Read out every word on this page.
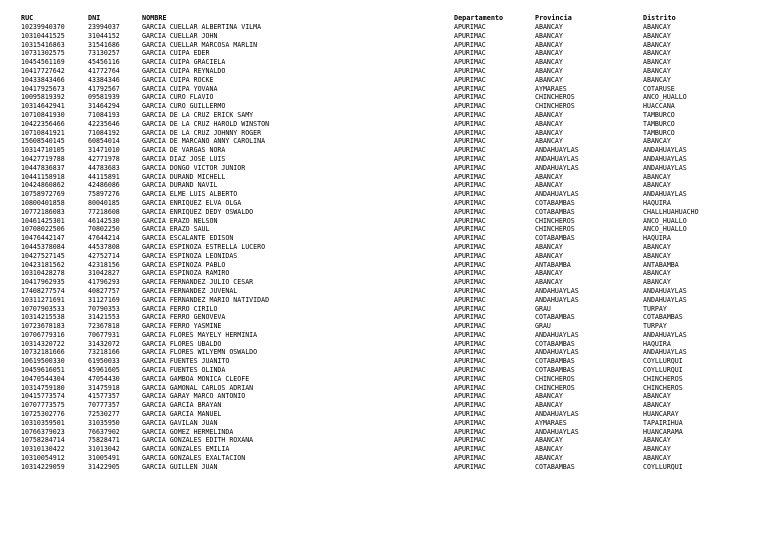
RUC	DNI	NOMBRE	Departamento	Provincia	Distrito
10239940370	23994037	GARCIA CUELLAR ALBERTINA VILMA	APURIMAC	ABANCAY	ABANCAY
10310441525	31044152	GARCIA CUELLAR JOHN	APURIMAC	ABANCAY	ABANCAY
10315416863	31541686	GARCIA CUELLAR MARCOSA MARLIN	APURIMAC	ABANCAY	ABANCAY
10731302575	73130257	GARCIA CUIPA EDER	APURIMAC	ABANCAY	ABANCAY
10454561169	45456116	GARCIA CUIPA GRACIELA	APURIMAC	ABANCAY	ABANCAY
10417727642	41772764	GARCIA CUIPA REYNALDO	APURIMAC	ABANCAY	ABANCAY
10433843466	43384346	GARCIA CUIPA ROCKE	APURIMAC	ABANCAY	ABANCAY
10417925673	41792567	GARCIA CUIPA YOVANA	APURIMAC	AYMARAES	COTARUSE
10095819392	09581939	GARCIA CURO FLAVIO	APURIMAC	CHINCHEROS	ANCO_HUALLO
10314642941	31464294	GARCIA CURO GUILLERMO	APURIMAC	CHINCHEROS	HUACCANA
10710841930	71084193	GARCIA DE LA CRUZ ERICK SAMY	APURIMAC	ABANCAY	TAMBURCO
10422356466	42235646	GARCIA DE LA CRUZ HAROLD WINSTON	APURIMAC	ABANCAY	TAMBURCO
10710841921	71084192	GARCIA DE LA CRUZ JOHNNY ROGER	APURIMAC	ABANCAY	TAMBURCO
15608540145	60854014	GARCIA DE MARCANO ANNY CAROLINA	APURIMAC	ABANCAY	ABANCAY
10314710105	31471010	GARCIA DE VARGAS NORA	APURIMAC	ANDAHUAYLAS	ANDAHUAYLAS
10427719788	42771978	GARCIA DIAZ JOSE LUIS	APURIMAC	ANDAHUAYLAS	ANDAHUAYLAS
10447836837	44783683	GARCIA DONGO VICTOR JUNIOR	APURIMAC	ANDAHUAYLAS	ANDAHUAYLAS
10441158918	44115891	GARCIA DURAND MICHELL	APURIMAC	ABANCAY	ABANCAY
10424860862	42486086	GARCIA DURAND NAVIL	APURIMAC	ABANCAY	ABANCAY
10758972769	75897276	GARCIA ELME LUIS ALBERTO	APURIMAC	ANDAHUAYLAS	ANDAHUAYLAS
10800401858	80040185	GARCIA ENRIQUEZ ELVA OLGA	APURIMAC	COTABAMBAS	HAQUIRA
10772186083	77218608	GARCIA ENRIQUEZ DEDY OSWALDO	APURIMAC	COTABAMBAS	CHALLHUAHUACHO
10461425301	46142530	GARCIA ERAZO NELSON	APURIMAC	CHINCHEROS	ANCO_HUALLO
10708022506	70802250	GARCIA ERAZO SAUL	APURIMAC	CHINCHEROS	ANCO_HUALLO
10476442147	47644214	GARCIA ESCALANTE EDISON	APURIMAC	COTABAMBAS	HAQUIRA
10445378084	44537808	GARCIA ESPINOZA ESTRELLA LUCERO	APURIMAC	ABANCAY	ABANCAY
10427527145	42752714	GARCIA ESPINOZA LEONIDAS	APURIMAC	ABANCAY	ABANCAY
10423181562	42318156	GARCIA ESPINOZA PABLO	APURIMAC	ANTABAMBA	ANTABAMBA
10310428278	31042827	GARCIA ESPINOZA RAMIRO	APURIMAC	ABANCAY	ABANCAY
10417962935	41796293	GARCIA FERNANDEZ JULIO CESAR	APURIMAC	ABANCAY	ABANCAY
17408277574	40827757	GARCIA FERNANDEZ JUVENAL	APURIMAC	ANDAHUAYLAS	ANDAHUAYLAS
10311271691	31127169	GARCIA FERNANDEZ MARIO NATIVIDAD	APURIMAC	ANDAHUAYLAS	ANDAHUAYLAS
10707903533	70790353	GARCIA FERRO CIRILO	APURIMAC	GRAU	TURPAY
10314215538	31421553	GARCIA FERRO GENOVEVA	APURIMAC	COTABAMBAS	COTABAMBAS
10723678183	72367818	GARCIA FERRO YASMINE	APURIMAC	GRAU	TURPAY
10706779316	70677931	GARCIA FLORES MAYELY HERMINIA	APURIMAC	ANDAHUAYLAS	ANDAHUAYLAS
10314320722	31432072	GARCIA FLORES UBALDO	APURIMAC	COTABAMBAS	HAQUIRA
10732181666	73218166	GARCIA FLORES WILYEMN OSWALDO	APURIMAC	ANDAHUAYLAS	ANDAHUAYLAS
10619500330	61950033	GARCIA FUENTES JUANITO	APURIMAC	COTABAMBAS	COYLLURQUI
10459616051	45961605	GARCIA FUENTES OLINDA	APURIMAC	COTABAMBAS	COYLLURQUI
10470544304	47054430	GARCIA GAMBOA MONICA CLEOFE	APURIMAC	CHINCHEROS	CHINCHEROS
10314759180	31475918	GARCIA GAMONAL CARLOS ADRIAN	APURIMAC	CHINCHEROS	CHINCHEROS
10415773574	41577357	GARCIA GARAY MARCO ANTONIO	APURIMAC	ABANCAY	ABANCAY
10707773575	70777357	GARCIA GARCIA BRAYAN	APURIMAC	ABANCAY	ABANCAY
10725302776	72530277	GARCIA GARCIA MANUEL	APURIMAC	ANDAHUAYLAS	HUANCARAY
10310359501	31035950	GARCIA GAVILAN JUAN	APURIMAC	AYMARAES	TAPAIRIHUA
10766379023	76637902	GARCIA GOMEZ HERMELINDA	APURIMAC	ANDAHUAYLAS	HUANCARAMA
10758284714	75828471	GARCIA GONZALES EDITH ROXANA	APURIMAC	ABANCAY	ABANCAY
10310130422	31013042	GARCIA GONZALES EMILIA	APURIMAC	ABANCAY	ABANCAY
10310054912	31005491	GARCIA GONZALES EXALTACION	APURIMAC	ABANCAY	ABANCAY
10314229059	31422905	GARCIA GUILLEN JUAN	APURIMAC	COTABAMBAS	COYLLURQUI
